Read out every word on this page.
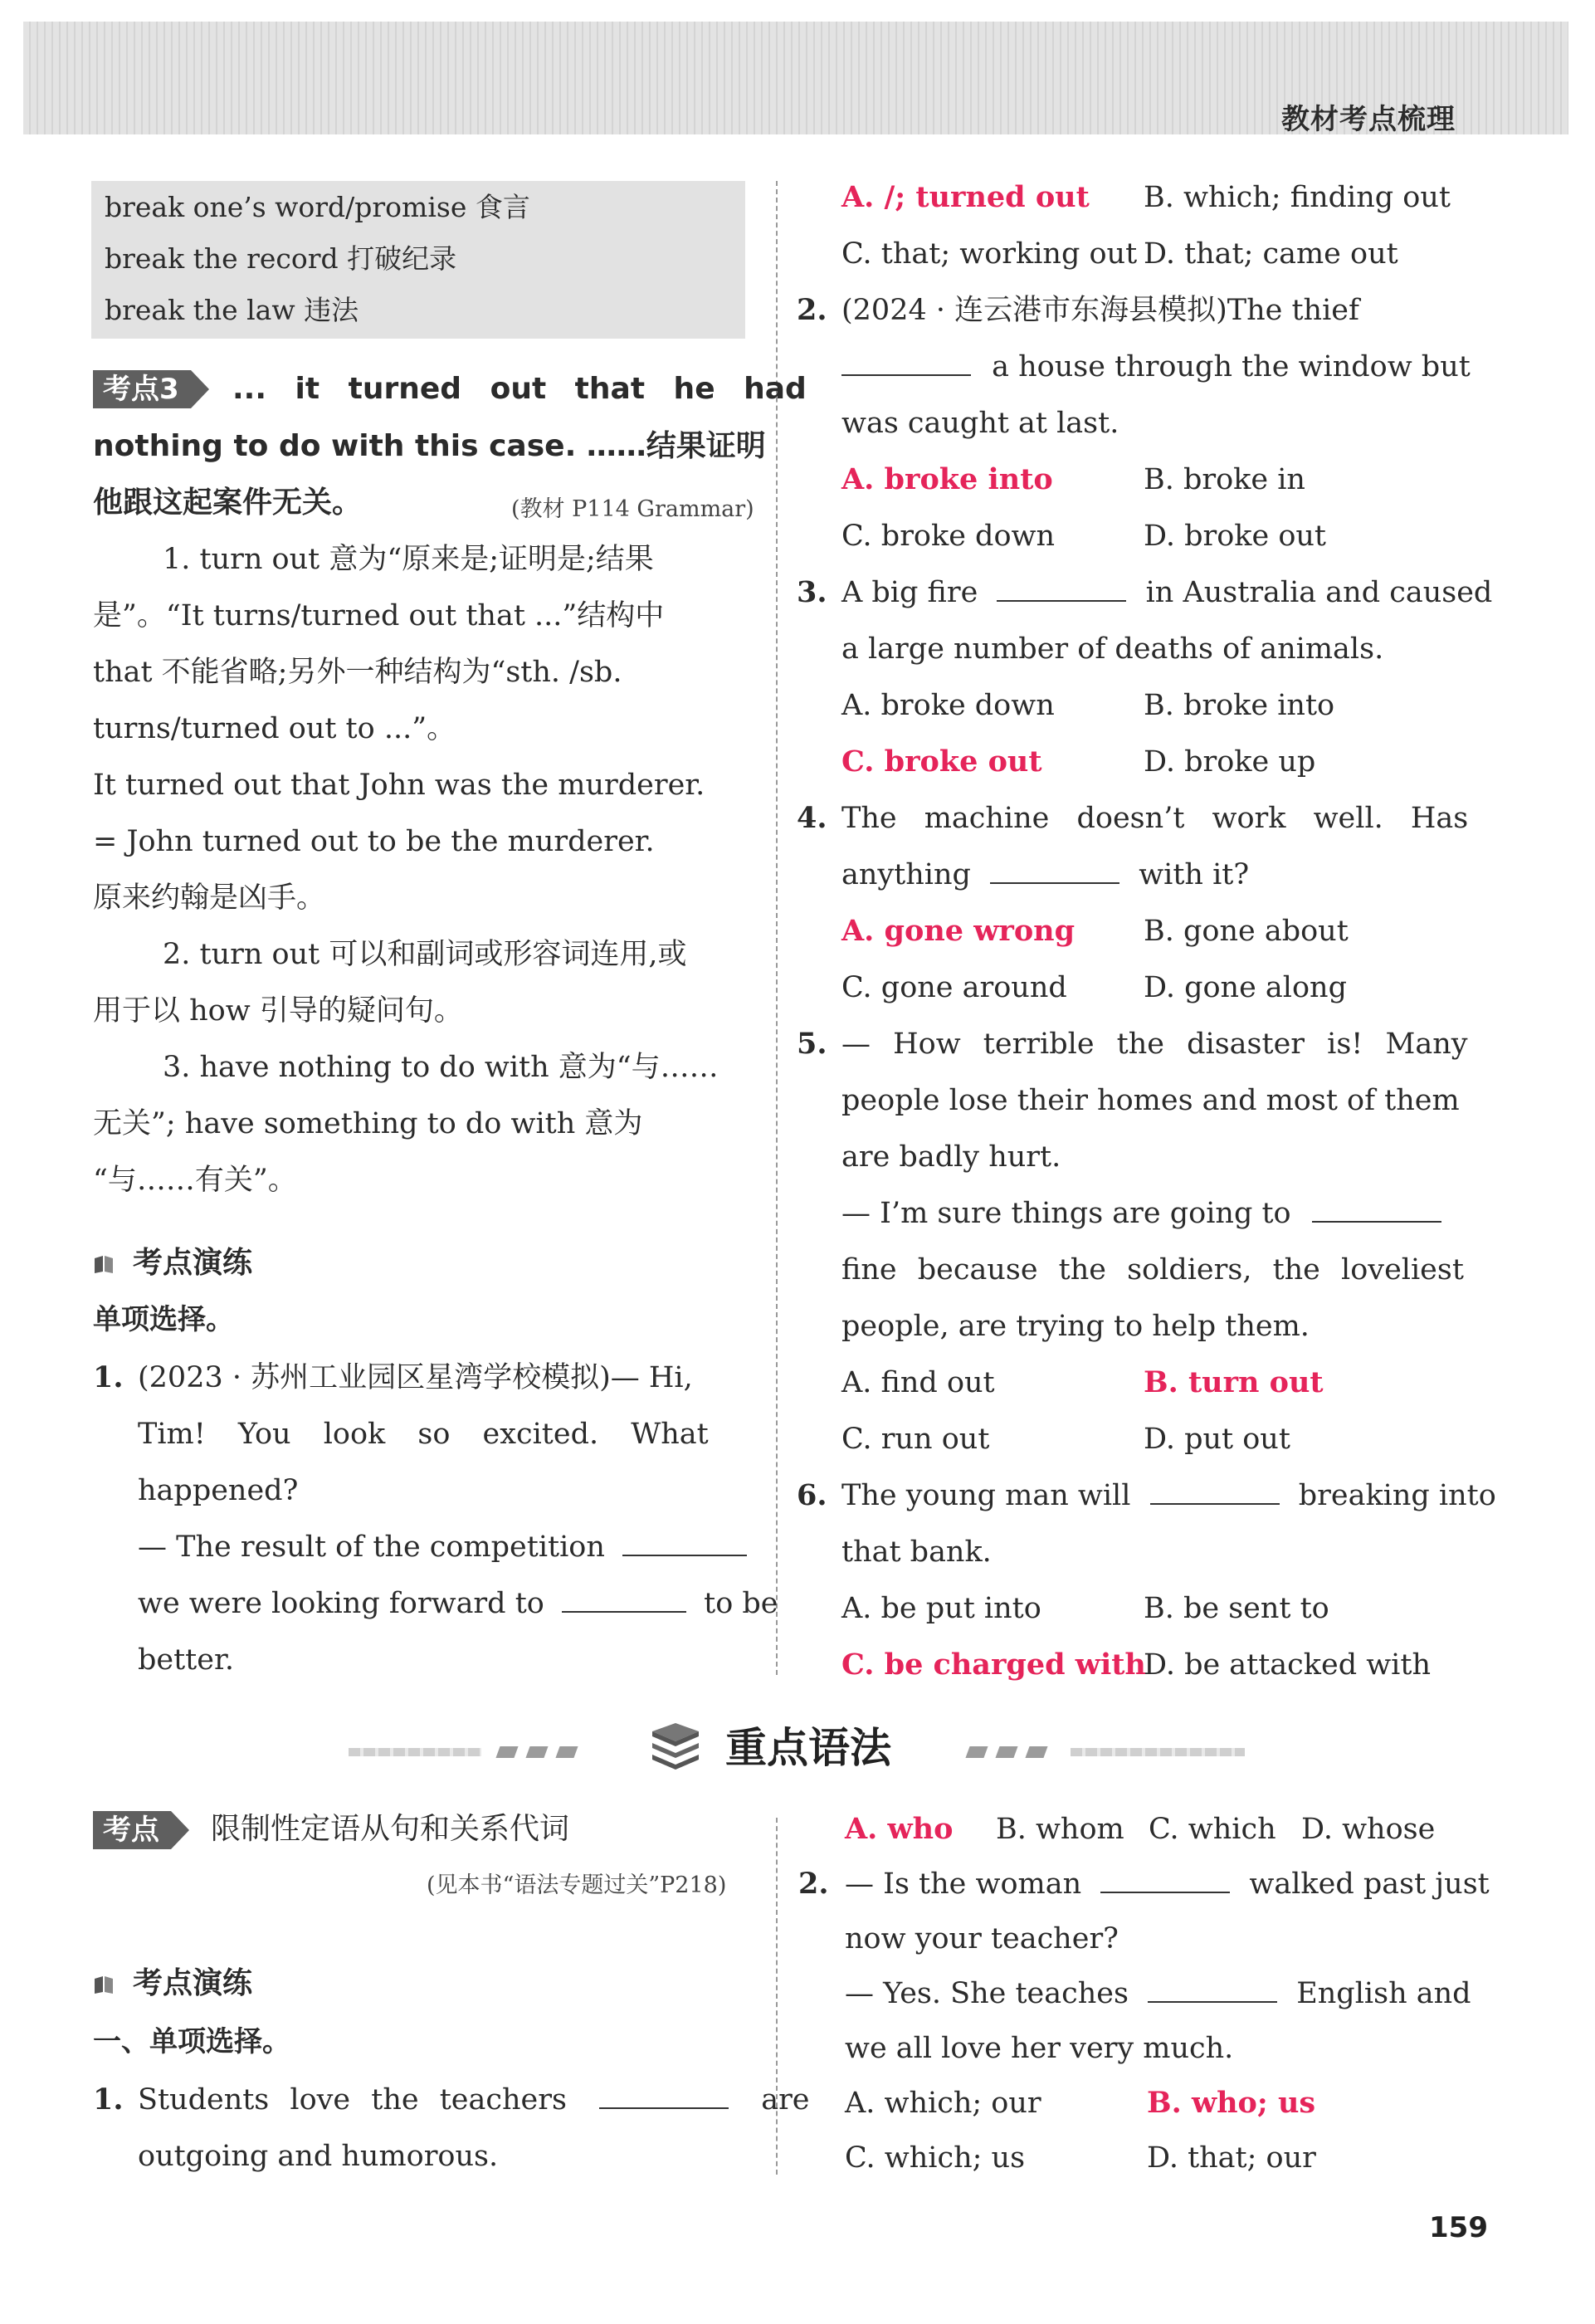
教材考点梳理
break one’s word/promise 食言
break the record 打破纪录
break the law 违法
考点3	... it turned out that he had
nothing to do with this case. ……结果证明
他跟这起案件无关。	(教材 P114 Grammar)
1. turn out 意为“原来是;证明是;结果
是”。“It turns/turned out that ...”结构中
that 不能省略;另外一种结构为“sth. /sb.
turns/turned out to ...”。
It turned out that John was the murderer.
= John turned out to be the murderer.
原来约翰是凶手。
2. turn out 可以和副词或形容词连用,或
用于以 how 引导的疑问句。
3. have nothing to do with 意为“与……
无关”; have something to do with 意为
“与……有关”。
考点演练
单项选择。
1. (2023 · 苏州工业园区星湾学校模拟)— Hi,
Tim! You look so excited. What
happened?
— The result of the competition
we were looking forward to	to be
better.
A. /; turned out B. which; finding out
C. that; working out D. that; came out
2. (2024 · 连云港市东海县模拟)The thief
a house through the window but
was caught at last.
A. broke into	B. broke in
C. broke down	D. broke out
3. A big fire	in Australia and caused
a large number of deaths of animals.
A. broke down	B. broke into
C. broke out	D. broke up
4. The machine doesn’t work well. Has
anything	with it?
A. gone wrong B. gone about
C. gone around	D. gone along
5. — How terrible the disaster is! Many
people lose their homes and most of them
are badly hurt.
— I’m sure things are going to
fine because the soldiers, the loveliest
people, are trying to help them.
A. find out	B. turn out
C. run out	D. put out
6. The young man will	breaking into
that bank.
A. be put into	B. be sent to
C. be charged with
D. be attacked with
重点语法
考点	限制性定语从句和关系代词
(见本书“语法专题过关”P218)
考点演练
一、单项选择。
1. Students love the teachers	are
outgoing and humorous.
A. who B. whom C. which D. whose
2. — Is the woman	walked past just
now your teacher?
— Yes. She teaches	English and
we all love her very much.
A. which; our	B. who; us
C. which; us	D. that; our
159
